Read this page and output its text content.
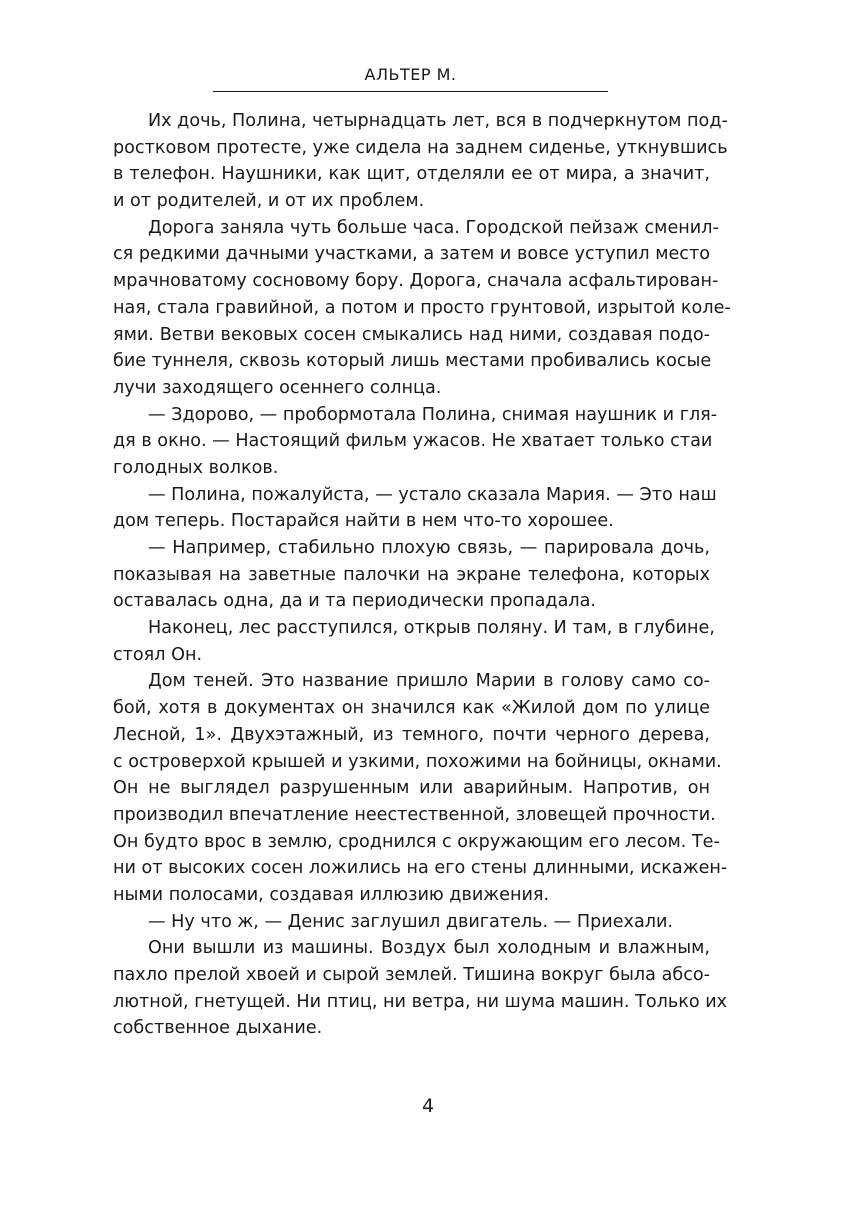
АЛЬТЕР М.
Их дочь, Полина, четырнадцать лет, вся в подчеркнутом под-
ростковом протесте, уже сидела на заднем сиденье, уткнувшись
в телефон. Наушники, как щит, отделяли ее от мира, а значит,
и от родителей, и от их проблем.
Дорога заняла чуть больше часа. Городской пейзаж сменил-
ся редкими дачными участками, а затем и вовсе уступил место
мрачноватому сосновому бору. Дорога, сначала асфальтирован-
ная, стала гравийной, а потом и просто грунтовой, изрытой коле-
ями. Ветви вековых сосен смыкались над ними, создавая подо-
бие туннеля, сквозь который лишь местами пробивались косые
лучи заходящего осеннего солнца.
— Здорово, — пробормотала Полина, снимая наушник и гля-
дя в окно. — Настоящий фильм ужасов. Не хватает только стаи
голодных волков.
— Полина, пожалуйста, — устало сказала Мария. — Это наш
дом теперь. Постарайся найти в нем что-то хорошее.
— Например, стабильно плохую связь, — парировала дочь,
показывая на заветные палочки на экране телефона, которых
оставалась одна, да и та периодически пропадала.
Наконец, лес расступился, открыв поляну. И там, в глубине,
стоял Он.
Дом теней. Это название пришло Марии в голову само со-
бой, хотя в документах он значился как «Жилой дом по улице
Лесной, 1». Двухэтажный, из темного, почти черного дерева,
с островерхой крышей и узкими, похожими на бойницы, окнами.
Он не выглядел разрушенным или аварийным. Напротив, он
производил впечатление неестественной, зловещей прочности.
Он будто врос в землю, сроднился с окружающим его лесом. Те-
ни от высоких сосен ложились на его стены длинными, искажен-
ными полосами, создавая иллюзию движения.
— Ну что ж, — Денис заглушил двигатель. — Приехали.
Они вышли из машины. Воздух был холодным и влажным,
пахло прелой хвоей и сырой землей. Тишина вокруг была абсо-
лютной, гнетущей. Ни птиц, ни ветра, ни шума машин. Только их
собственное дыхание.
4
